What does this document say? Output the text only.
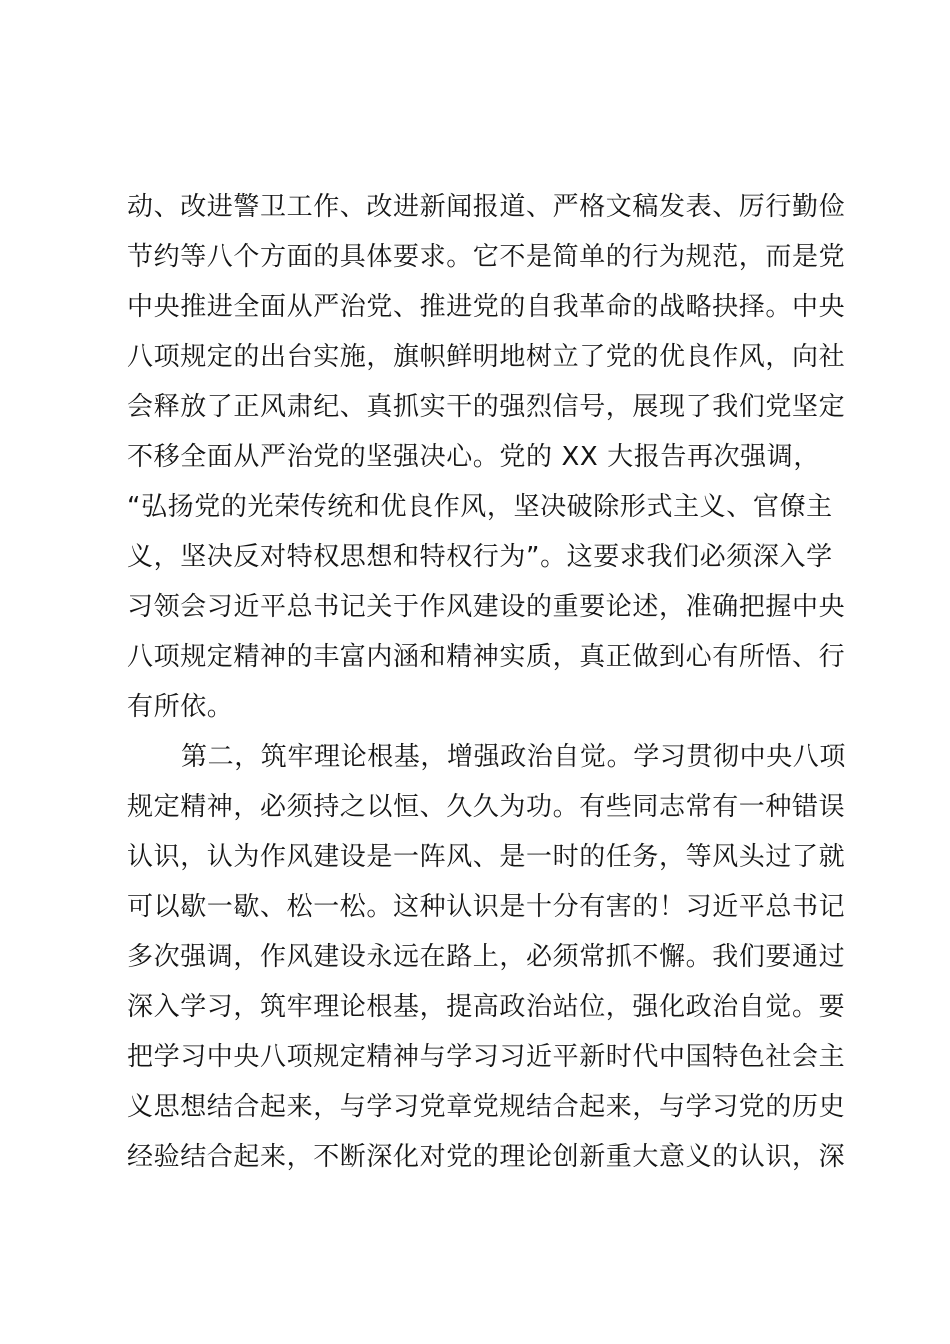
动、改进警卫工作、改进新闻报道、严格文稿发表、厉行勤俭
节约等八个方面的具体要求。它不是简单的行为规范，而是党
中央推进全面从严治党、推进党的自我革命的战略抉择。中央
八项规定的出台实施，旗帜鲜明地树立了党的优良作风，向社
会释放了正风肃纪、真抓实干的强烈信号，展现了我们党坚定
不移全面从严治党的坚强决心。党的 XX 大报告再次强调，
“弘扬党的光荣传统和优良作风，坚决破除形式主义、官僚主
义，坚决反对特权思想和特权行为”。这要求我们必须深入学
习领会习近平总书记关于作风建设的重要论述，准确把握中央
八项规定精神的丰富内涵和精神实质，真正做到心有所悟、行
有所依。
第二，筑牢理论根基，增强政治自觉。学习贯彻中央八项
规定精神，必须持之以恒、久久为功。有些同志常有一种错误
认识，认为作风建设是一阵风、是一时的任务，等风头过了就
可以歇一歇、松一松。这种认识是十分有害的！习近平总书记
多次强调，作风建设永远在路上，必须常抓不懈。我们要通过
深入学习，筑牢理论根基，提高政治站位，强化政治自觉。要
把学习中央八项规定精神与学习习近平新时代中国特色社会主
义思想结合起来，与学习党章党规结合起来，与学习党的历史
经验结合起来，不断深化对党的理论创新重大意义的认识，深
